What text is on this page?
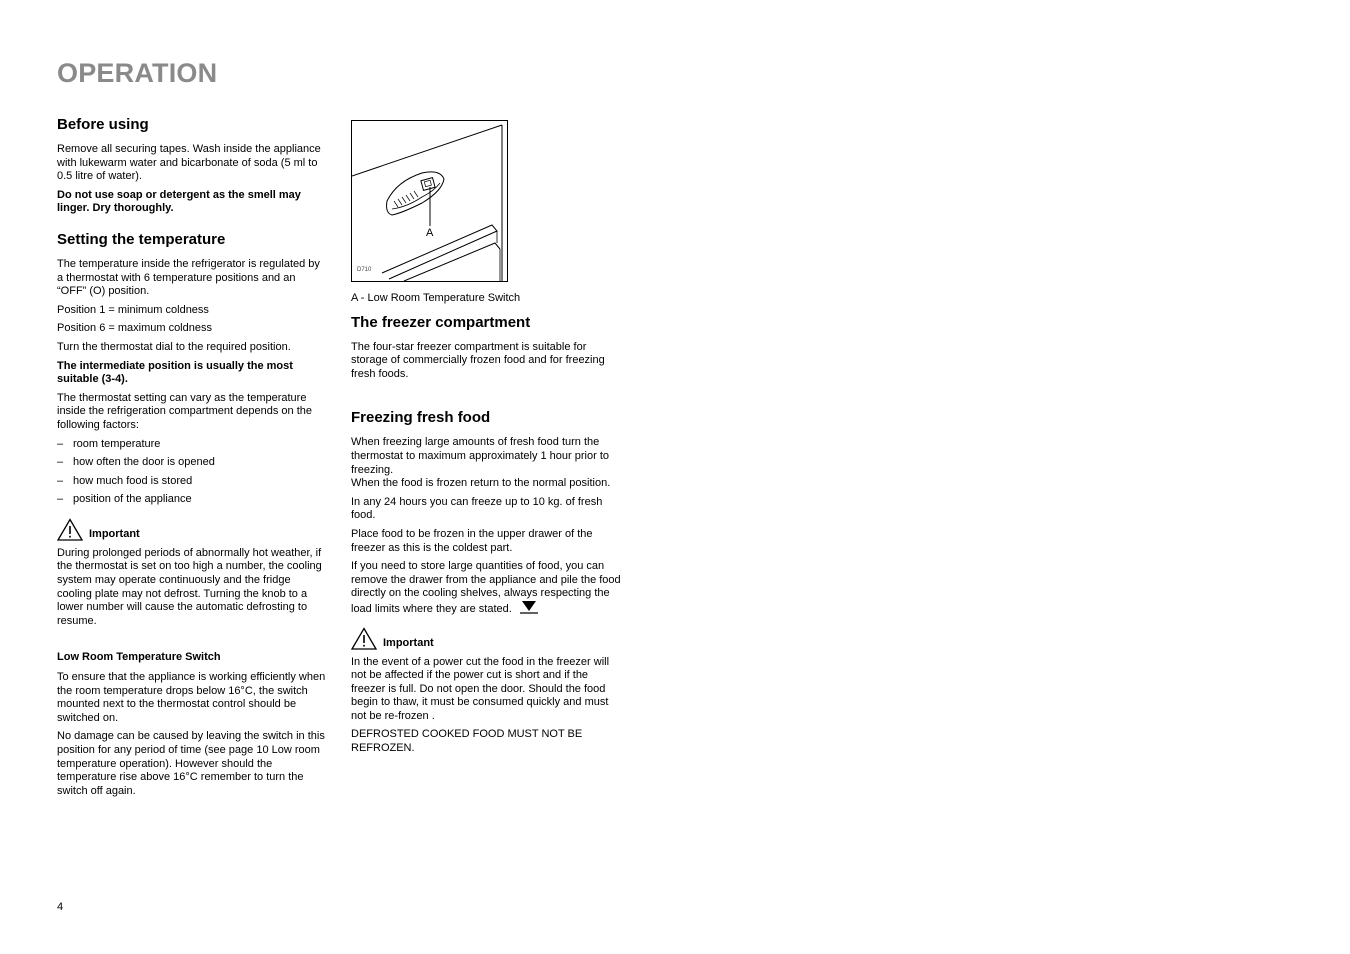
OPERATION
Before using

Remove all securing tapes. Wash inside the appliance with lukewarm water and bicarbonate of soda (5 ml to 0.5 litre of water).

Do not use soap or detergent as the smell may linger. Dry thoroughly.

Setting the temperature

The temperature inside the refrigerator is regulated by a thermostat with 6 temperature positions and an “OFF” (O) position.

Position 1 = minimum coldness

Position 6 = maximum coldness

Turn the thermostat dial to the required position.

The intermediate position is usually the most suitable (3-4).

The thermostat setting can vary as the temperature inside the refrigeration compartment depends on the following factors:

– room temperature
– how often the door is opened
– how much food is stored
– position of the appliance
Important

During prolonged periods of abnormally hot weather, if the thermostat is set on too high a number, the cooling system may operate continuously and the fridge cooling plate may not defrost. Turning the knob to a lower number will cause the automatic defrosting to resume.

Low Room Temperature Switch

To ensure that the appliance is working efficiently when the room temperature drops below 16°C, the switch mounted next to the thermostat control should be switched on.

No damage can be caused by leaving the switch in this position for any period of time (see page 10 Low room temperature operation). However should the temperature rise above 16°C remember to turn the switch off again.

A
D710

A - Low Room Temperature Switch

The freezer compartment

The four-star freezer compartment is suitable for storage of commercially frozen food and for freezing fresh foods.

Freezing fresh food

When freezing large amounts of fresh food turn the thermostat to maximum approximately 1 hour prior to freezing.
When the food is frozen return to the normal position.

In any 24 hours you can freeze up to 10 kg. of fresh food.

Place food to be frozen in the upper drawer of the freezer as this is the coldest part.

If you need to store large quantities of food, you can remove the drawer from the appliance and pile the food directly on the cooling shelves, always respecting the load limits where they are stated.

Important

In the event of a power cut the food in the freezer will not be affected if the power cut is short and if the freezer is full. Do not open the door. Should the food begin to thaw, it must be consumed quickly and must not be re-frozen .

DEFROSTED COOKED FOOD MUST NOT BE REFROZEN.

4
